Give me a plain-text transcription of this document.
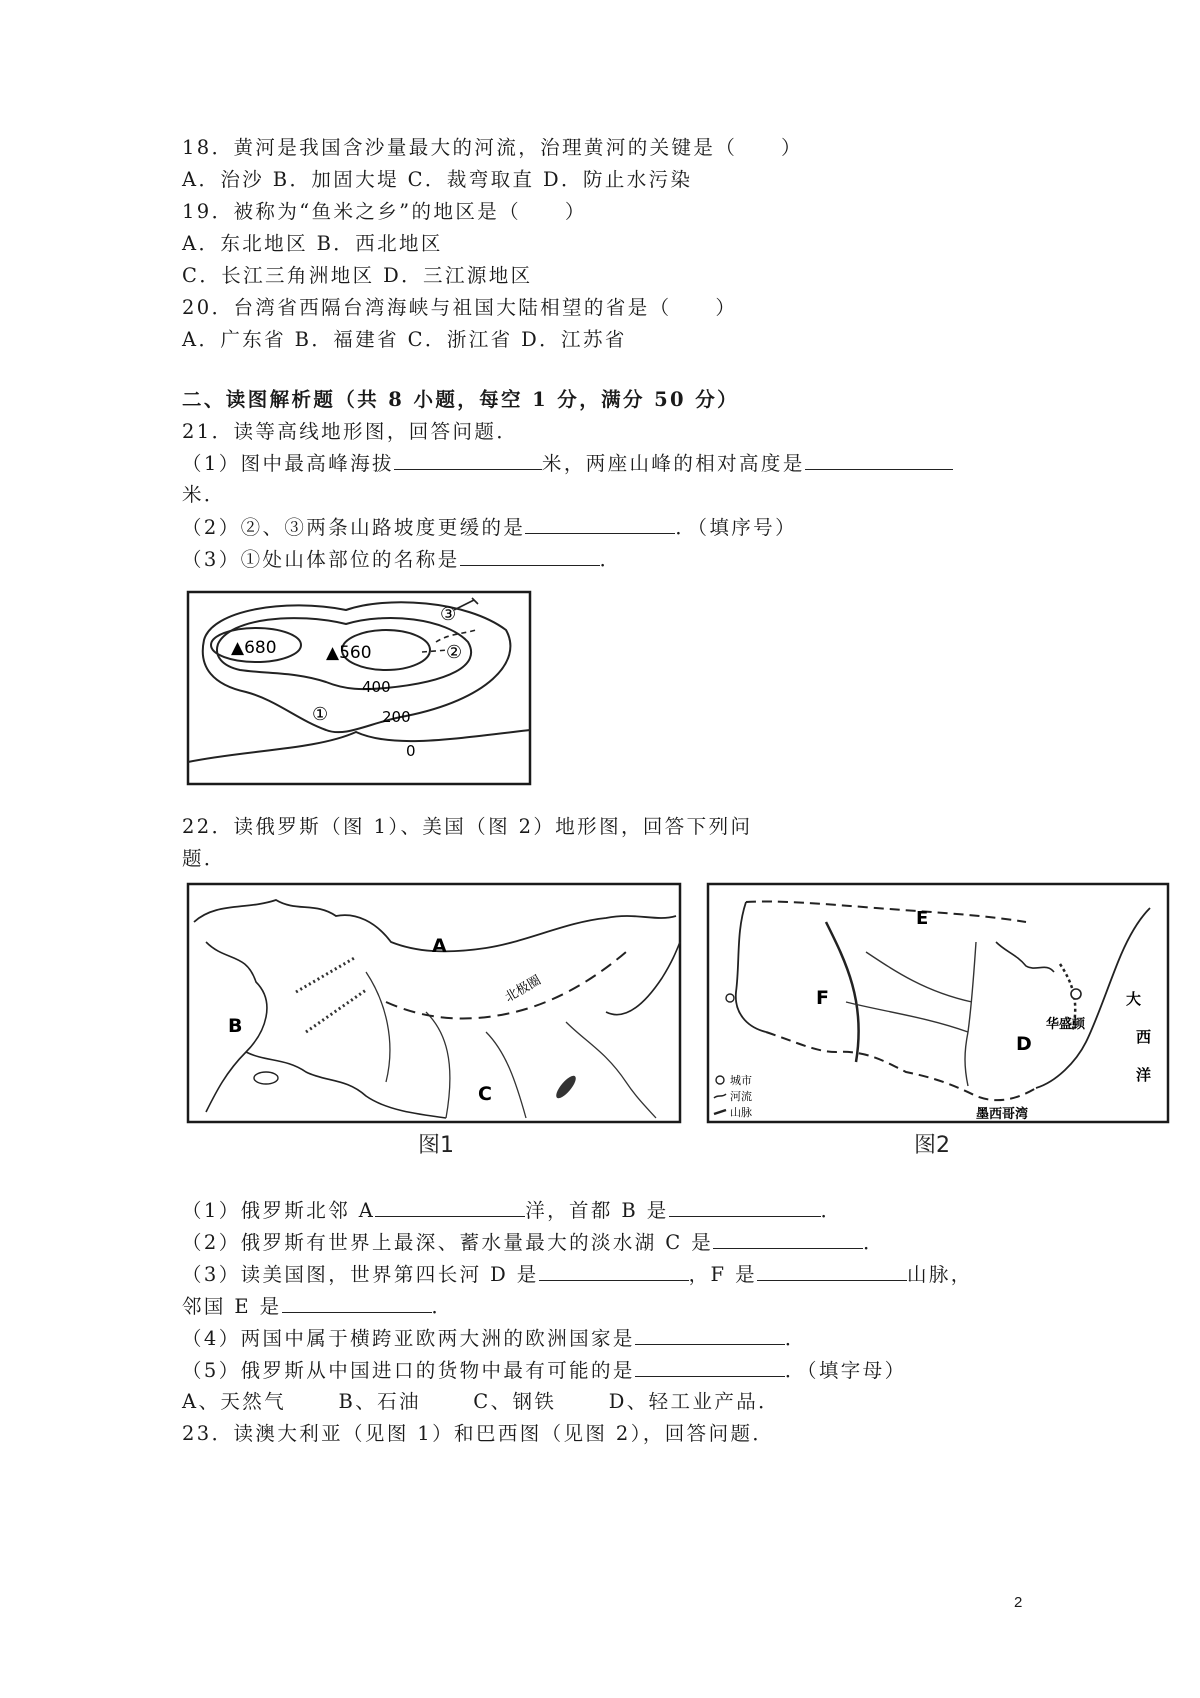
18．黄河是我国含沙量最大的河流，治理黄河的关键是（　　）
A．治沙 B．加固大堤 C．裁弯取直 D．防止水污染
19．被称为“鱼米之乡”的地区是（　　）
A．东北地区 B．西北地区
C．长江三角洲地区 D．三江源地区
20．台湾省西隔台湾海峡与祖国大陆相望的省是（　　）
A．广东省 B．福建省 C．浙江省 D．江苏省
二、读图解析题（共 8 小题，每空 1 分，满分 50 分）
21．读等高线地形图，回答问题．
（1）图中最高峰海拔	米，两座山峰的相对高度是
米．
（2）②、③两条山路坡度更缓的是	．（填序号）
（3）①处山体部位的名称是	．
▲680	▲560
400
200
0
①
②
③
22．读俄罗斯（图 1）、美国（图 2）地形图，回答下列问
题．
A
B
C
北极圈
图1
E
F
D
华盛顿
大
西
洋
墨西哥湾
城市
河流
山脉
图2
（1）俄罗斯北邻 A	洋，首都 B 是	．
（2）俄罗斯有世界上最深、蓄水量最大的淡水湖 C 是	．
（3）读美国图，世界第四长河 D 是	，F 是	山脉，
邻国 E 是	．
（4）两国中属于横跨亚欧两大洲的欧洲国家是	．
（5）俄罗斯从中国进口的货物中最有可能的是	．（填字母）
A、天然气　　 B、石油　　 C、钢铁　　 D、轻工业产品．
23．读澳大利亚（见图 1）和巴西图（见图 2），回答问题．
2
